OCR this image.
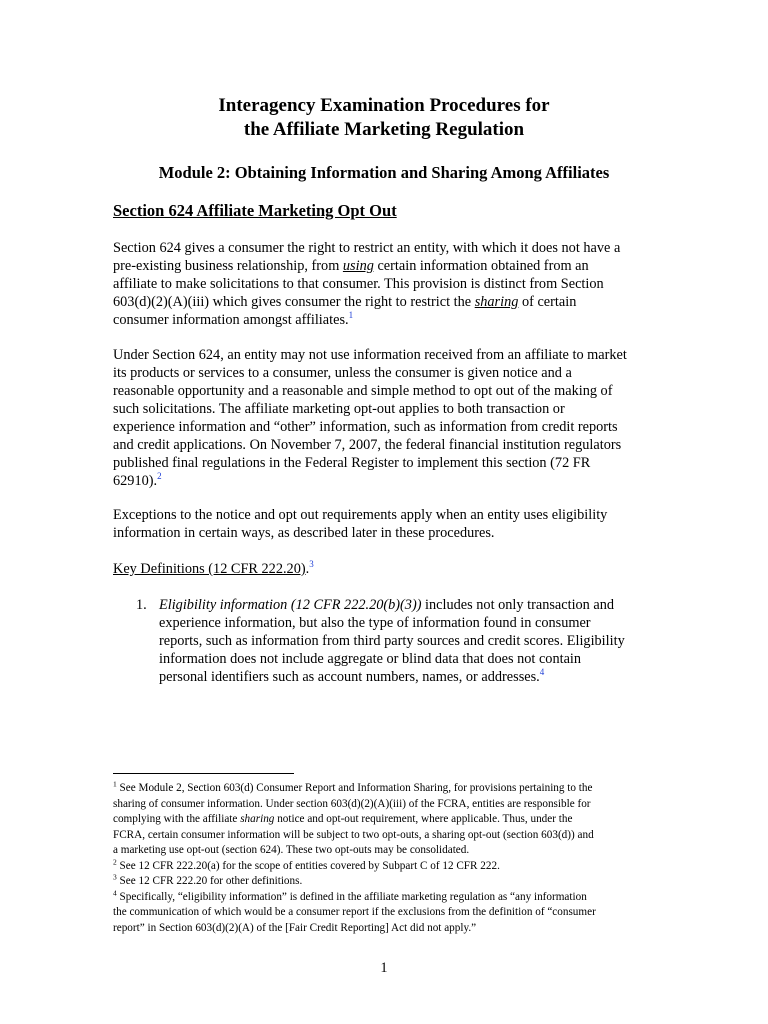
Interagency Examination Procedures for
the Affiliate Marketing Regulation
Module 2: Obtaining Information and Sharing Among Affiliates
Section 624 Affiliate Marketing Opt Out
Section 624 gives a consumer the right to restrict an entity, with which it does not have a
pre-existing business relationship, from using certain information obtained from an
affiliate to make solicitations to that consumer. This provision is distinct from Section
603(d)(2)(A)(iii) which gives consumer the right to restrict the sharing of certain
consumer information amongst affiliates.$^1$
Under Section 624, an entity may not use information received from an affiliate to market
its products or services to a consumer, unless the consumer is given notice and a
reasonable opportunity and a reasonable and simple method to opt out of the making of
such solicitations. The affiliate marketing opt-out applies to both transaction or
experience information and “other” information, such as information from credit reports
and credit applications. On November 7, 2007, the federal financial institution regulators
published final regulations in the Federal Register to implement this section (72 FR
62910).$^2$
Exceptions to the notice and opt out requirements apply when an entity uses eligibility
information in certain ways, as described later in these procedures.
Key Definitions (12 CFR 222.20).$^3$
1. Eligibility information (12 CFR 222.20(b)(3)) includes not only transaction and
experience information, but also the type of information found in consumer
reports, such as information from third party sources and credit scores. Eligibility
information does not include aggregate or blind data that does not contain
personal identifiers such as account numbers, names, or addresses.$^4$
$^1$ See Module 2, Section 603(d) Consumer Report and Information Sharing, for provisions pertaining to the
sharing of consumer information. Under section 603(d)(2)(A)(iii) of the FCRA, entities are responsible for
complying with the affiliate sharing notice and opt-out requirement, where applicable. Thus, under the
FCRA, certain consumer information will be subject to two opt-outs, a sharing opt-out (section 603(d)) and
a marketing use opt-out (section 624). These two opt-outs may be consolidated.
$^2$ See 12 CFR 222.20(a) for the scope of entities covered by Subpart C of 12 CFR 222.
$^3$ See 12 CFR 222.20 for other definitions.
$^4$ Specifically, “eligibility information” is defined in the affiliate marketing regulation as “any information
the communication of which would be a consumer report if the exclusions from the definition of “consumer
report” in Section 603(d)(2)(A) of the [Fair Credit Reporting] Act did not apply.”
1
